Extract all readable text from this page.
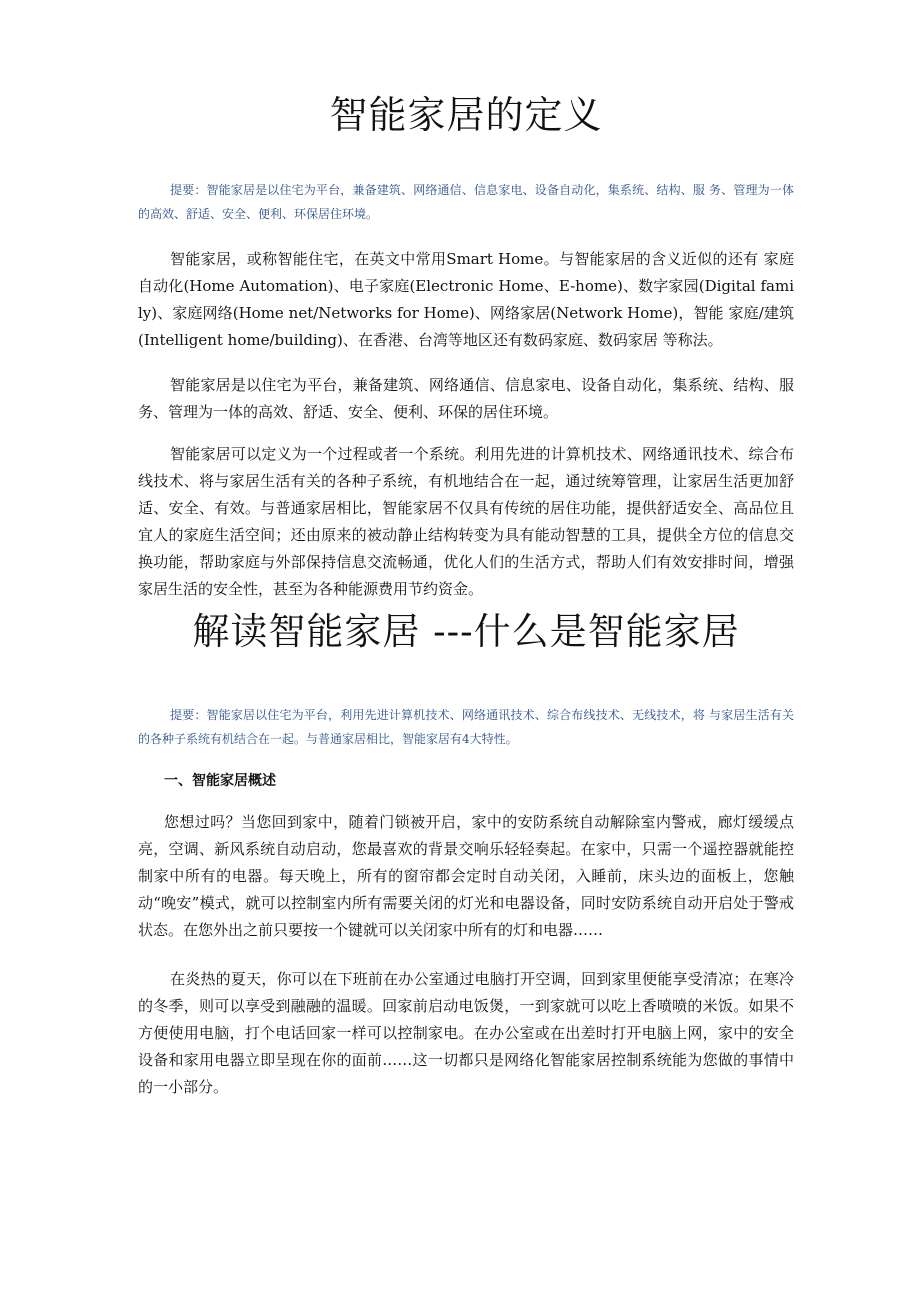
智能家居的定义

提要：智能家居是以住宅为平台，兼备建筑、网络通信、信息家电、设备自动化，集系统、结构、服 务、管理为一体的高效、舒适、安全、便利、环保居住环境。

智能家居，或称智能住宅，在英文中常用Smart Home。与智能家居的含义近似的还有 家庭自动化(Home Automation)、电子家庭(Electronic Home、E-home)、数字家园(Digital family)、家庭网络(Home net/Networks for Home)、网络家居(Network Home)，智能 家庭/建筑(Intelligent home/building)、在香港、台湾等地区还有数码家庭、数码家居 等称法。

智能家居是以住宅为平台，兼备建筑、网络通信、信息家电、设备自动化，集系统、结构、服务、管理为一体的高效、舒适、安全、便利、环保的居住环境。

智能家居可以定义为一个过程或者一个系统。利用先进的计算机技术、网络通讯技术、综合布线技术、将与家居生活有关的各种子系统，有机地结合在一起，通过统筹管理，让家居生活更加舒适、安全、有效。与普通家居相比，智能家居不仅具有传统的居住功能，提供舒适安全、高品位且宜人的家庭生活空间；还由原来的被动静止结构转变为具有能动智慧的工具，提供全方位的信息交换功能，帮助家庭与外部保持信息交流畅通，优化人们的生活方式，帮助人们有效安排时间，增强家居生活的安全性，甚至为各种能源费用节约资金。

解读智能家居 ---什么是智能家居

提要：智能家居以住宅为平台，利用先进计算机技术、网络通讯技术、综合布线技术、无线技术，将 与家居生活有关的各种子系统有机结合在一起。与普通家居相比，智能家居有4大特性。

一、智能家居概述

您想过吗？当您回到家中，随着门锁被开启，家中的安防系统自动解除室内警戒，廊灯缓缓点亮，空调、新风系统自动启动，您最喜欢的背景交响乐轻轻奏起。在家中，只需一个遥控器就能控制家中所有的电器。每天晚上，所有的窗帘都会定时自动关闭，入睡前，床头边的面板上，您触动“晚安”模式，就可以控制室内所有需要关闭的灯光和电器设备，同时安防系统自动开启处于警戒状态。在您外出之前只要按一个键就可以关闭家中所有的灯和电器……

在炎热的夏天，你可以在下班前在办公室通过电脑打开空调，回到家里便能享受清凉；在寒冷的冬季，则可以享受到融融的温暖。回家前启动电饭煲，一到家就可以吃上香喷喷的米饭。如果不方便使用电脑，打个电话回家一样可以控制家电。在办公室或在出差时打开电脑上网，家中的安全设备和家用电器立即呈现在你的面前……这一切都只是网络化智能家居控制系统能为您做的事情中的一小部分。
